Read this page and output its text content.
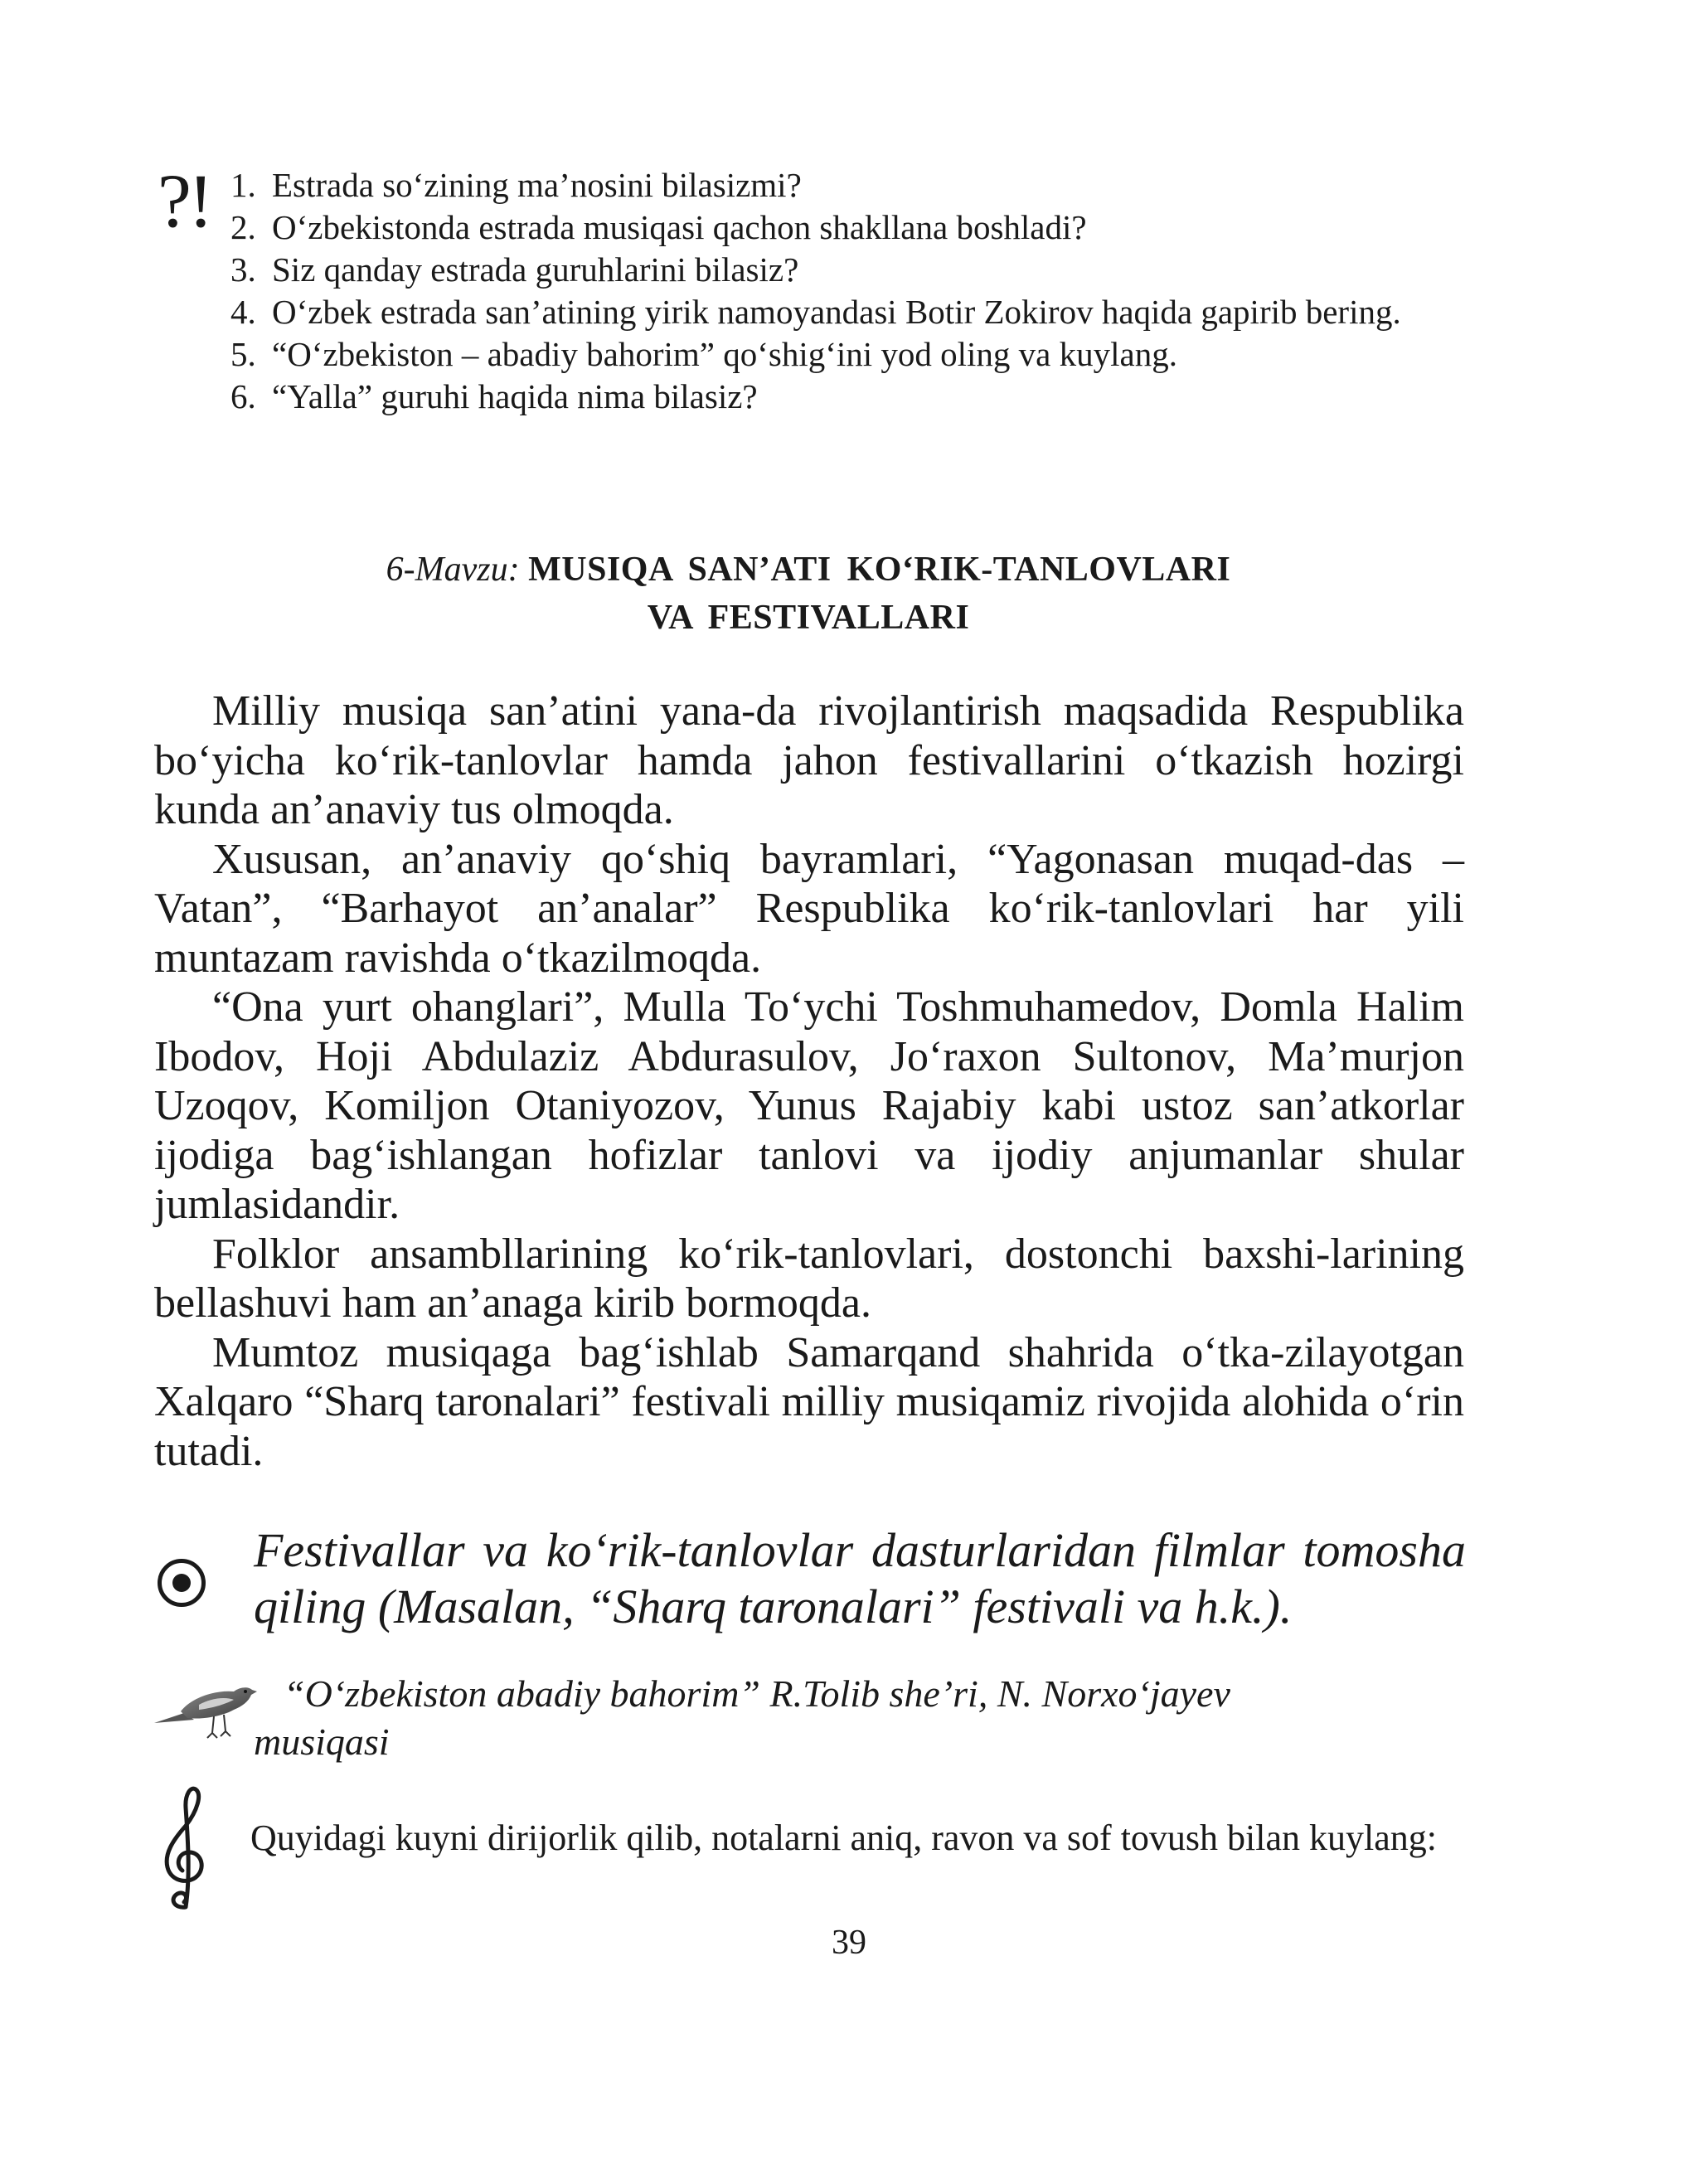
?! 1. Estrada so‘zining ma’nosini bilasizmi?
2. O‘zbekistonda estrada musiqasi qachon shakllana boshladi?
3. Siz qanday estrada guruhlarini bilasiz?
4. O‘zbek estrada san’atining yirik namoyandasi Botir Zokirov haqida gapirib bering.
5. “O‘zbekiston – abadiy bahorim” qo‘shig‘ini yod oling va kuylang.
6. “Yalla” guruhi haqida nima bilasiz?
6-Mavzu: MUSIQA SAN’ATI KO‘RIK-TANLOVLARI
VA FESTIVALLARI

Milliy musiqa san’atini yana-da rivojlantirish maqsadida Respublika bo‘yicha ko‘rik-tanlovlar hamda jahon festivallarini o‘tkazish hozirgi kunda an’anaviy tus olmoqda.

Xususan, an’anaviy qo‘shiq bayramlari, “Yagonasan muqad-das – Vatan”, “Barhayot an’analar” Respublika ko‘rik-tanlovlari har yili muntazam ravishda o‘tkazilmoqda.

“Ona yurt ohanglari”, Mulla To‘ychi Toshmuhamedov, Domla Halim Ibodov, Hoji Abdulaziz Abdurasulov, Jo‘raxon Sultonov, Ma’murjon Uzoqov, Komiljon Otaniyozov, Yunus Rajabiy kabi ustoz san’atkorlar ijodiga bag‘ishlangan hofizlar tanlovi va ijodiy anjumanlar shular jumlasidandir.

Folklor ansambllarining ko‘rik-tanlovlari, dostonchi baxshi-larining bellashuvi ham an’anaga kirib bormoqda.

Mumtoz musiqaga bag‘ishlab Samarqand shahrida o‘tka-zilayotgan Xalqaro “Sharq taronalari” festivali milliy musiqamiz rivojida alohida o‘rin tutadi.

Festivallar va ko‘rik-tanlovlar dasturlaridan filmlar tomosha qiling (Masalan, “Sharq taronalari” festivali va h.k.).
“O‘zbekiston abadiy bahorim” R.Tolib she’ri, N. Norxo‘jayev
musiqasi
Quyidagi kuyni dirijorlik qilib, notalarni aniq, ravon va sof tovush bilan kuylang:
39
